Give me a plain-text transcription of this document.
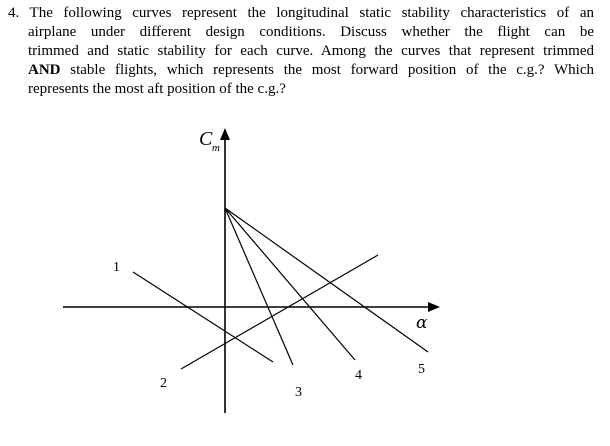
4. The following curves represent the longitudinal static stability characteristics of an
airplane under different design conditions. Discuss whether the flight can be
trimmed and static stability for each curve. Among the curves that represent trimmed
AND stable flights, which represents the most forward position of the c.g.? Which
represents the most aft position of the c.g.?
C m
α
1
2
3
4	5
